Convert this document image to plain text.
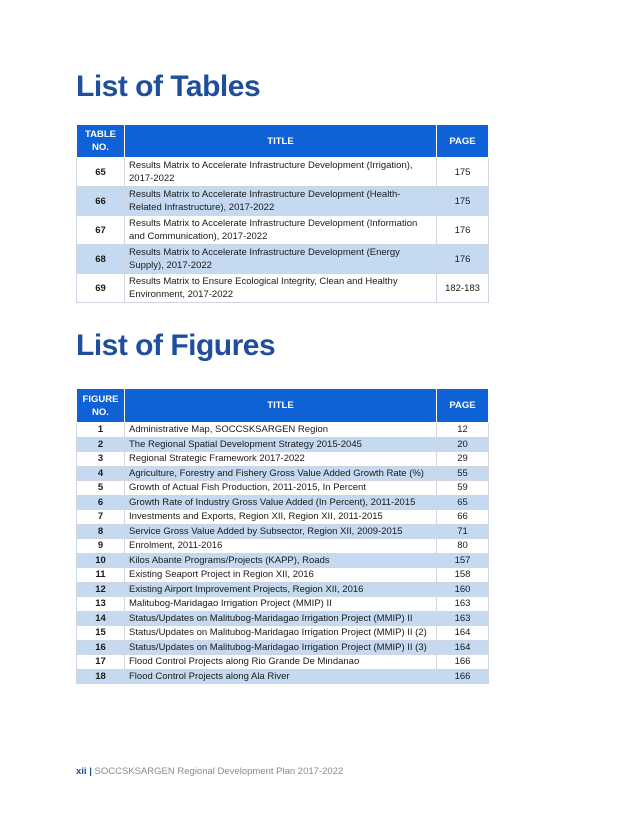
List of Tables
TABLE NO.	TITLE	PAGE
65	Results Matrix to Accelerate Infrastructure Development (Irrigation), 2017-2022	175
66	Results Matrix to Accelerate Infrastructure Development (Health-Related Infrastructure), 2017-2022	175
67	Results Matrix to Accelerate Infrastructure Development (Information and Communication), 2017-2022	176
68	Results Matrix to Accelerate Infrastructure Development (Energy Supply), 2017-2022	176
69	Results Matrix to Ensure Ecological Integrity, Clean and Healthy Environment, 2017-2022	182-183
List of Figures
FIGURE NO.	TITLE	PAGE
1	Administrative Map, SOCCSKSARGEN Region	12
2	The Regional Spatial Development Strategy 2015-2045	20
3	Regional Strategic Framework 2017-2022	29
4	Agriculture, Forestry and Fishery Gross Value Added Growth Rate (%)	55
5	Growth of Actual Fish Production, 2011-2015, In Percent	59
6	Growth Rate of Industry Gross Value Added (In Percent), 2011-2015	65
7	Investments and Exports, Region XII, Region XII, 2011-2015	66
8	Service Gross Value Added by Subsector, Region XII, 2009-2015	71
9	Enrolment, 2011-2016	80
10	Kilos Abante Programs/Projects (KAPP), Roads	157
11	Existing Seaport Project in Region XII, 2016	158
12	Existing Airport Improvement Projects, Region XII, 2016	160
13	Malitubog-Maridagao Irrigation Project (MMIP) II	163
14	Status/Updates on Malitubog-Maridagao Irrigation Project (MMIP) II	163
15	Status/Updates on Malitubog-Maridagao Irrigation Project (MMIP) II (2)	164
16	Status/Updates on Malitubog-Maridagao Irrigation Project (MMIP) II (3)	164
17	Flood Control Projects along Rio Grande De Mindanao	166
18	Flood Control Projects along Ala River	166
xii | SOCCSKSARGEN Regional Development Plan 2017-2022
